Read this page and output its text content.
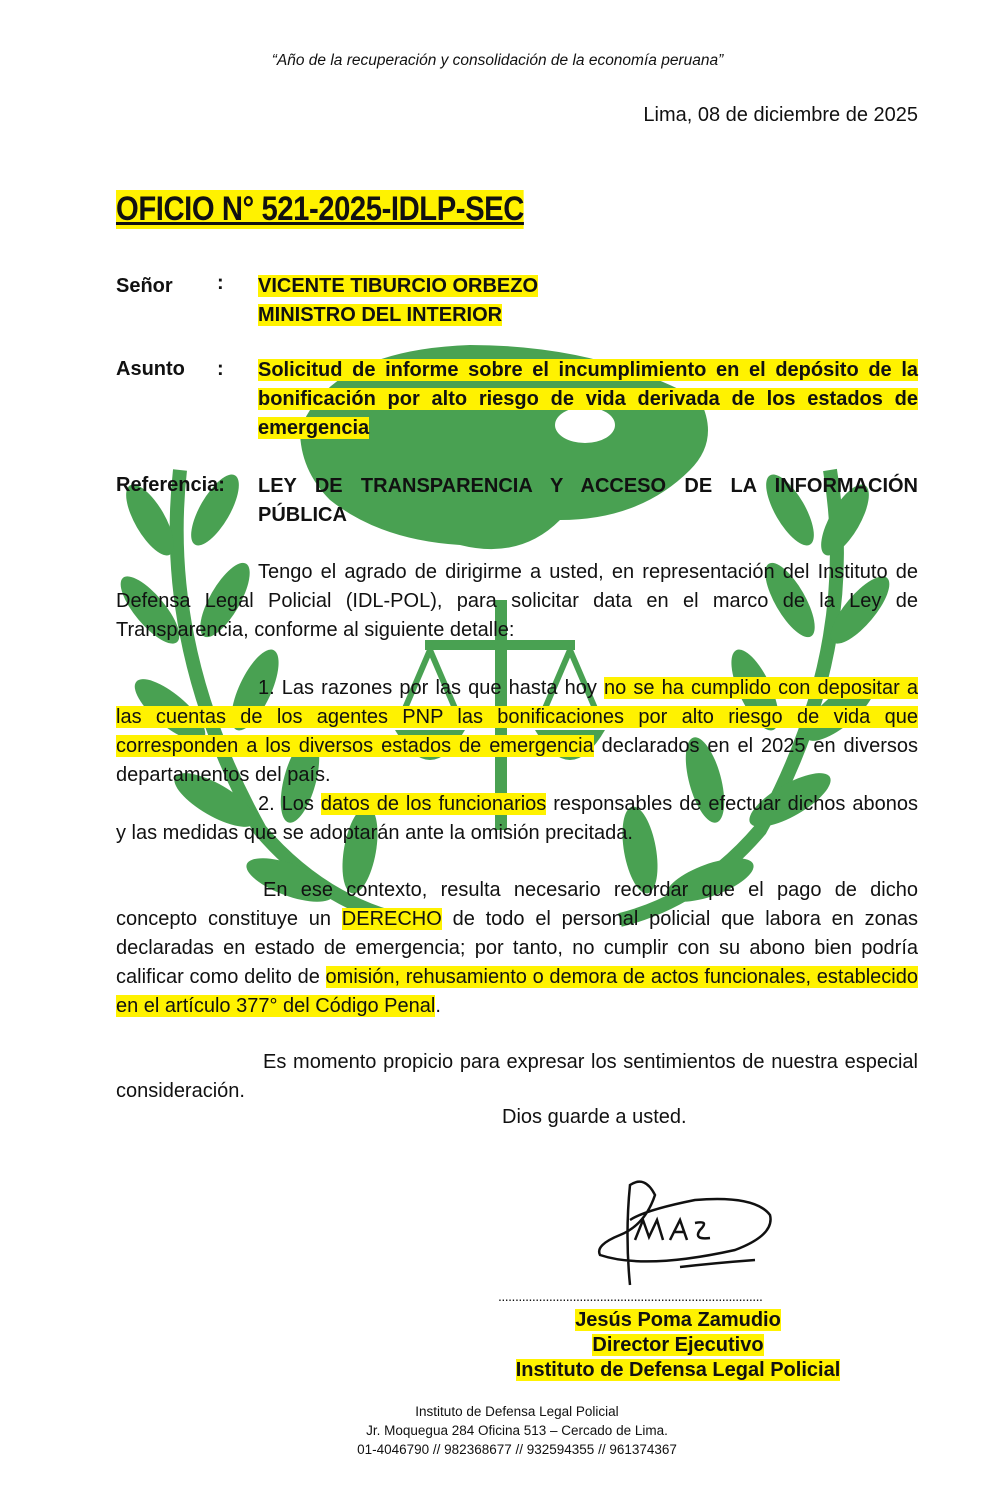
“Año de la recuperación y consolidación de la economía peruana”
Lima, 08 de diciembre de 2025
OFICIO N° 521-2025-IDLP-SEC
Señor : VICENTE TIBURCIO ORBEZO
MINISTRO DEL INTERIOR
Asunto : Solicitud de informe sobre el incumplimiento en el depósito de la bonificación por alto riesgo de vida derivada de los estados de emergencia
Referencia: LEY DE TRANSPARENCIA Y ACCESO DE LA INFORMACIÓN PÚBLICA
Tengo el agrado de dirigirme a usted, en representación del Instituto de Defensa Legal Policial (IDL-POL), para solicitar data en el marco de la Ley de Transparencia, conforme al siguiente detalle:
1. Las razones por las que hasta hoy no se ha cumplido con depositar a las cuentas de los agentes PNP las bonificaciones por alto riesgo de vida que corresponden a los diversos estados de emergencia declarados en el 2025 en diversos departamentos del país.
2. Los datos de los funcionarios responsables de efectuar dichos abonos y las medidas que se adoptarán ante la omisión precitada.
En ese contexto, resulta necesario recordar que el pago de dicho concepto constituye un DERECHO de todo el personal policial que labora en zonas declaradas en estado de emergencia; por tanto, no cumplir con su abono bien podría calificar como delito de omisión, rehusamiento o demora de actos funcionales, establecido en el artículo 377° del Código Penal.
Es momento propicio para expresar los sentimientos de nuestra especial consideración.
Dios guarde a usted.
..............................................................................
Jesús Poma Zamudio
Director Ejecutivo
Instituto de Defensa Legal Policial
Instituto de Defensa Legal Policial
Jr. Moquegua 284 Oficina 513 – Cercado de Lima.
01-4046790 // 982368677 // 932594355 // 961374367
